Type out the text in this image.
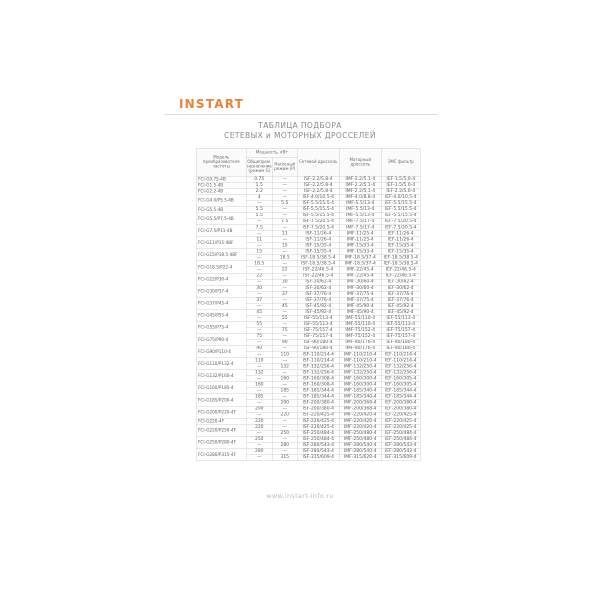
INSTART
ТАБЛИЦА ПОДБОРА
СЕТЕВЫХ и МОТОРНЫХ ДРОССЕЛЕЙ
Модель преобразователя частоты	Мощность, кВт		Сетевой дроссель	Моторный дроссель	ЭМС фильтр
	Общепром. назначение (режим G)	Насосный режим (Р)			
FCI-G0.75-4B	0.75	—	ISF-2.2/5.8-4	IMF-2.2/5.1-4	IEF-1.5/5.0-4
FCI-G1.5-4B	1.5	—	ISF-2.2/5.8-4	IMF-2.2/5.1-4	IEF-1.5/5.0-4
FCI-G2.2-4B	2.2	—	ISF-2.2/5.8-4	IMF-2.2/5.1-4	IEF-2.2/5.0-4
FCI-G4.0/P5.5-4B	4	—	ISF-4.0/10.5-4	IMF-4.0/8.8-4	IEF-4.0/10.5-4
	—	5.5	ISF-5.5/15.5-4	IMF-5.5/13-4	IEF-5.5/15.5-4
FCI-G5.5-4B	5.5	—	ISF-5.5/15.5-4	IMF-5.5/13-4	IEF-5.5/15.5-4
FCI-G5.5/P7.5-4B	5.5	—	ISF-5.5/15.5-4	IMF-5.5/13-4	IEF-5.5/15.5-4
	—	7.5	ISF-7.5/20.5-4	IMF-7.5/17-4	IEF-7.5/20.5-4
FCI-G7.5/P11-4B	7.5	—	ISF-7.5/20.5-4	IMF-7.5/17-4	IEF-7.5/20.5-4
	—	11	ISF-11/26-4	IMF-11/25-4	IEF-11/26-4
FCI-G11/P15-4BF	11	—	ISF-11/26-4	IMF-11/25-4	IEF-11/26-4
	—	15	ISF-15/35-4	IMF-15/33-4	IEF-15/35-4
FCI-G15/P18.5-4BF	15	—	ISF-15/35-4	IMF-15/33-4	IEF-15/35-4
	—	18.5	ISF-18.5/38.5-4	IMF-18.5/37-4	IEF-18.5/38.5-4
FCI-G18.5/P22-4	18.5	—	ISF-18.5/38.5-4	IMF-18.5/37-4	IEF-18.5/38.5-4
	—	22	ISF-22/46.5-4	IMF-22/45-4	IEF-22/46.5-4
FCI-G22/P30-4	22	—	ISF-22/46.5-4	IMF-22/45-4	IEF-22/46.5-4
	—	30	ISF-30/62-4	IMF-30/60-4	IEF-30/62-4
FCI-G30/P37-4	30	—	ISF-30/62-4	IMF-30/60-4	IEF-30/62-4
	—	37	ISF-37/76-4	IMF-37/75-4	IEF-37/76-4
FCI-G37/P45-4	37	—	ISF-37/76-4	IMF-37/75-4	IEF-37/76-4
	—	45	ISF-45/92-4	IMF-45/90-4	IEF-45/92-4
FCI-G45/P55-4	45	—	ISF-45/92-4	IMF-45/90-4	IEF-45/92-4
	—	55	ISF-55/113-4	IMF-55/110-4	IEF-55/113-4
FCI-G55/P75-4	55	—	ISF-55/113-4	IMF-55/110-4	IEF-55/113-4
	—	75	ISF-75/157-4	IMF-75/152-4	IEF-75/157-4
FCI-G75/P90-4	75	—	ISF-75/157-4	IMF-75/152-4	IEF-75/157-4
	—	90	ISF-90/180-4	IMF-90/176-4	IEF-90/180-4
FCI-G90/P110-4	90	—	ISF-90/180-4	IMF-90/176-4	IEF-90/180-4
	—	110	ISF-110/214-4	IMF-110/210-4	IEF-110/214-4
FCI-G110/P132-4	110	—	ISF-110/214-4	IMF-110/210-4	IEF-110/214-4
	—	132	ISF-132/256-4	IMF-132/250-4	IEF-132/256-4
FCI-G132/P160-4	132	—	ISF-132/256-4	IMF-132/250-4	IEF-132/256-4
	—	160	ISF-160/308-4	IMF-160/300-4	IEF-160/305-4
FCI-G160/P185-4	160	—	ISF-160/308-4	IMF-160/300-4	IEF-160/305-4
	—	185	ISF-185/344-4	IMF-185/340-4	IEF-185/344-4
FCI-G185/P200-4	185	—	ISF-185/344-4	IMF-185/340-4	IEF-185/344-4
	—	200	ISF-200/380-4	IMF-200/368-4	IEF-200/380-4
FCI-G200/P220-4F	200	—	ISF-200/380-4	IMF-200/368-4	IEF-200/380-4
	—	220	ISF-220/425-4	IMF-220/420-4	IEF-220/425-4
FCI-G220-4F	220	—	ISF-220/425-4	IMF-220/420-4	IEF-220/425-4
FCI-G220/P250-4F	220	—	ISF-220/425-4	IMF-220/420-4	IEF-220/425-4
	—	250	ISF-250/484-4	IMF-250/480-4	IEF-250/484-4
FCI-G250/P280-4F	250	—	ISF-250/484-4	IMF-250/480-4	IEF-250/484-4
	—	280	ISF-280/543-4	IMF-280/540-4	IEF-280/543-4
FCI-G280/P315-4F	280	—	ISF-280/543-4	IMF-280/540-4	IEF-280/543-4
	—	315	ISF-315/609-4	IMF-315/620-4	IEF-315/609-4
www.instart-info.ru
